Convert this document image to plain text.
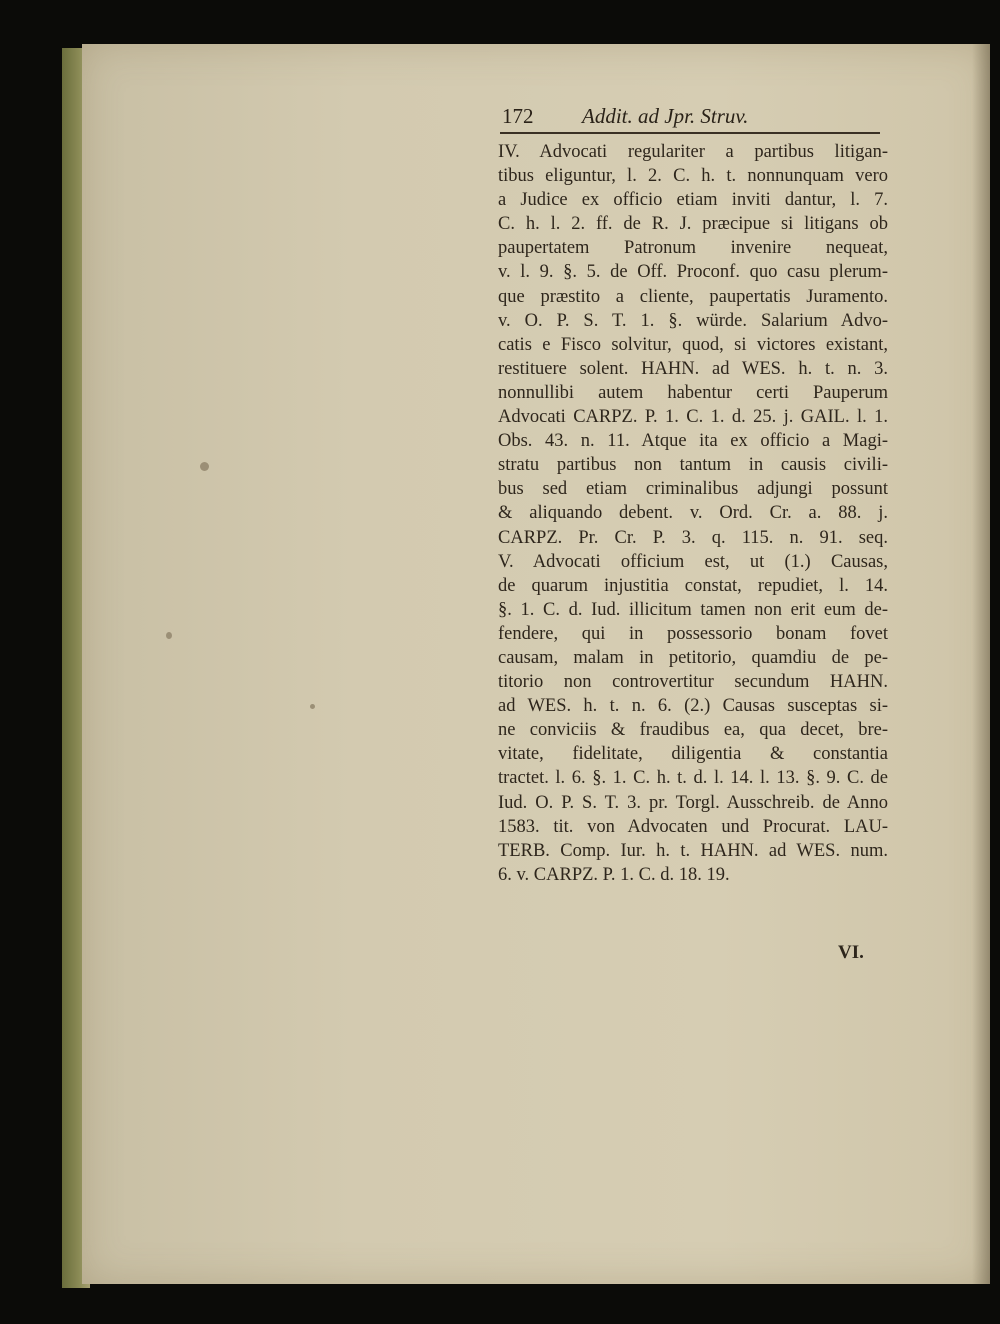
172 Addit. ad Jpr. Struv.
IV. Advocati regulariter a partibus litigan-
tibus eliguntur, l. 2. C. h. t. nonnunquam vero
a Judice ex officio etiam inviti dantur, l. 7.
C. h. l. 2. ff. de R. J. præcipue si litigans ob
paupertatem Patronum invenire nequeat,
v. l. 9. §. 5. de Off. Proconf. quo casu plerum-
que præstito a cliente, paupertatis Juramento.
v. O. P. S. T. 1. §. würde. Salarium Advo-
catis e Fisco solvitur, quod, si victores existant,
restituere solent. HAHN. ad WES. h. t. n. 3.
nonnullibi autem habentur certi Pauperum
Advocati CARPZ. P. 1. C. 1. d. 25. j. GAIL. l. 1.
Obs. 43. n. 11. Atque ita ex officio a Magi-
stratu partibus non tantum in causis civili-
bus sed etiam criminalibus adjungi possunt
& aliquando debent. v. Ord. Cr. a. 88. j.
CARPZ. Pr. Cr. P. 3. q. 115. n. 91. seq.
V. Advocati officium est, ut (1.) Causas,
de quarum injustitia constat, repudiet, l. 14.
§. 1. C. d. Iud. illicitum tamen non erit eum de-
fendere, qui in possessorio bonam fovet
causam, malam in petitorio, quamdiu de pe-
titorio non controvertitur secundum HAHN.
ad WES. h. t. n. 6. (2.) Causas susceptas si-
ne conviciis & fraudibus ea, qua decet, bre-
vitate, fidelitate, diligentia & constantia
tractet. l. 6. §. 1. C. h. t. d. l. 14. l. 13. §. 9. C. de
Iud. O. P. S. T. 3. pr. Torgl. Ausschreib. de Anno
1583. tit. von Advocaten und Procurat. LAU-
TERB. Comp. Iur. h. t. HAHN. ad WES. num.
6. v. CARPZ. P. 1. C. d. 18. 19.
VI.
